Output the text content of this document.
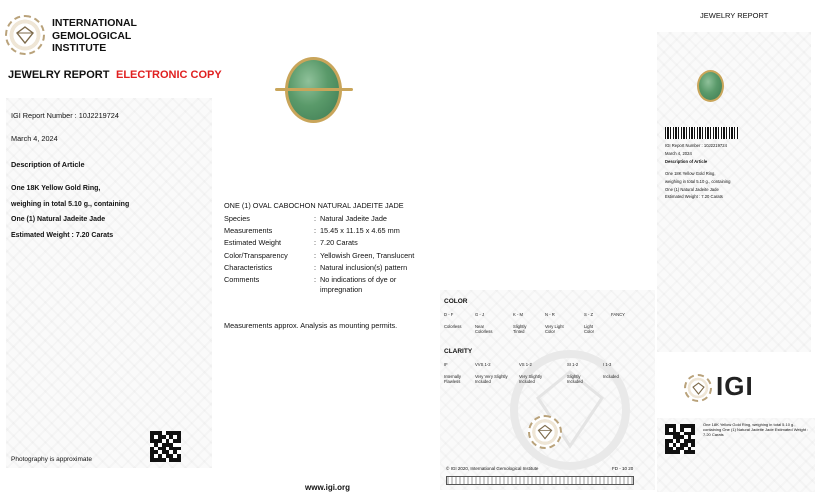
INTERNATIONAL
GEMOLOGICAL
INSTITUTE
JEWELRY REPORT ELECTRONIC COPY
IGI Report Number : 10J2219724
March 4, 2024
Description of Article
One 18K Yellow Gold Ring,
weighing in total 5.10 g., containing
One (1) Natural Jadeite Jade
Estimated Weight : 7.20 Carats
Photography is approximate
ONE (1) OVAL CABOCHON NATURAL JADEITE JADE
Species	: Natural Jadeite Jade
Measurements	: 15.45 x 11.15 x 4.65 mm
Estimated Weight	: 7.20 Carats
Color/Transparency	: Yellowish Green, Translucent
Characteristics	: Natural inclusion(s) pattern
Comments	: No indications of dye or impregnation
Measurements approx. Analysis as mounting permits.
www.igi.org
COLOR
D - F
Colorless
G - J
Near Colorless
K - M
Slightly Tinted
N - R
Very Light Color
S - Z
Light Color
FANCY
CLARITY
IF
Internally Flawless
VVS 1-2
Very Very Slightly Included
VS 1-2
Very Slightly Included
SI 1-2
Slightly Included
I 1-3
Included
© IGI 2020, International Gemological Institute	FD - 10 20
JEWELRY REPORT
IGI Report Number : 10J2219724
March 4, 2024
Description of Article
One 18K Yellow Gold Ring,
weighing in total 5.10 g., containing
One (1) Natural Jadeite Jade
Estimated Weight : 7.20 Carats
IGI
One 18K Yellow Gold Ring, weighing in total 5.10 g., containing One (1) Natural Jadeite Jade Estimated Weight : 7.20 Carats
